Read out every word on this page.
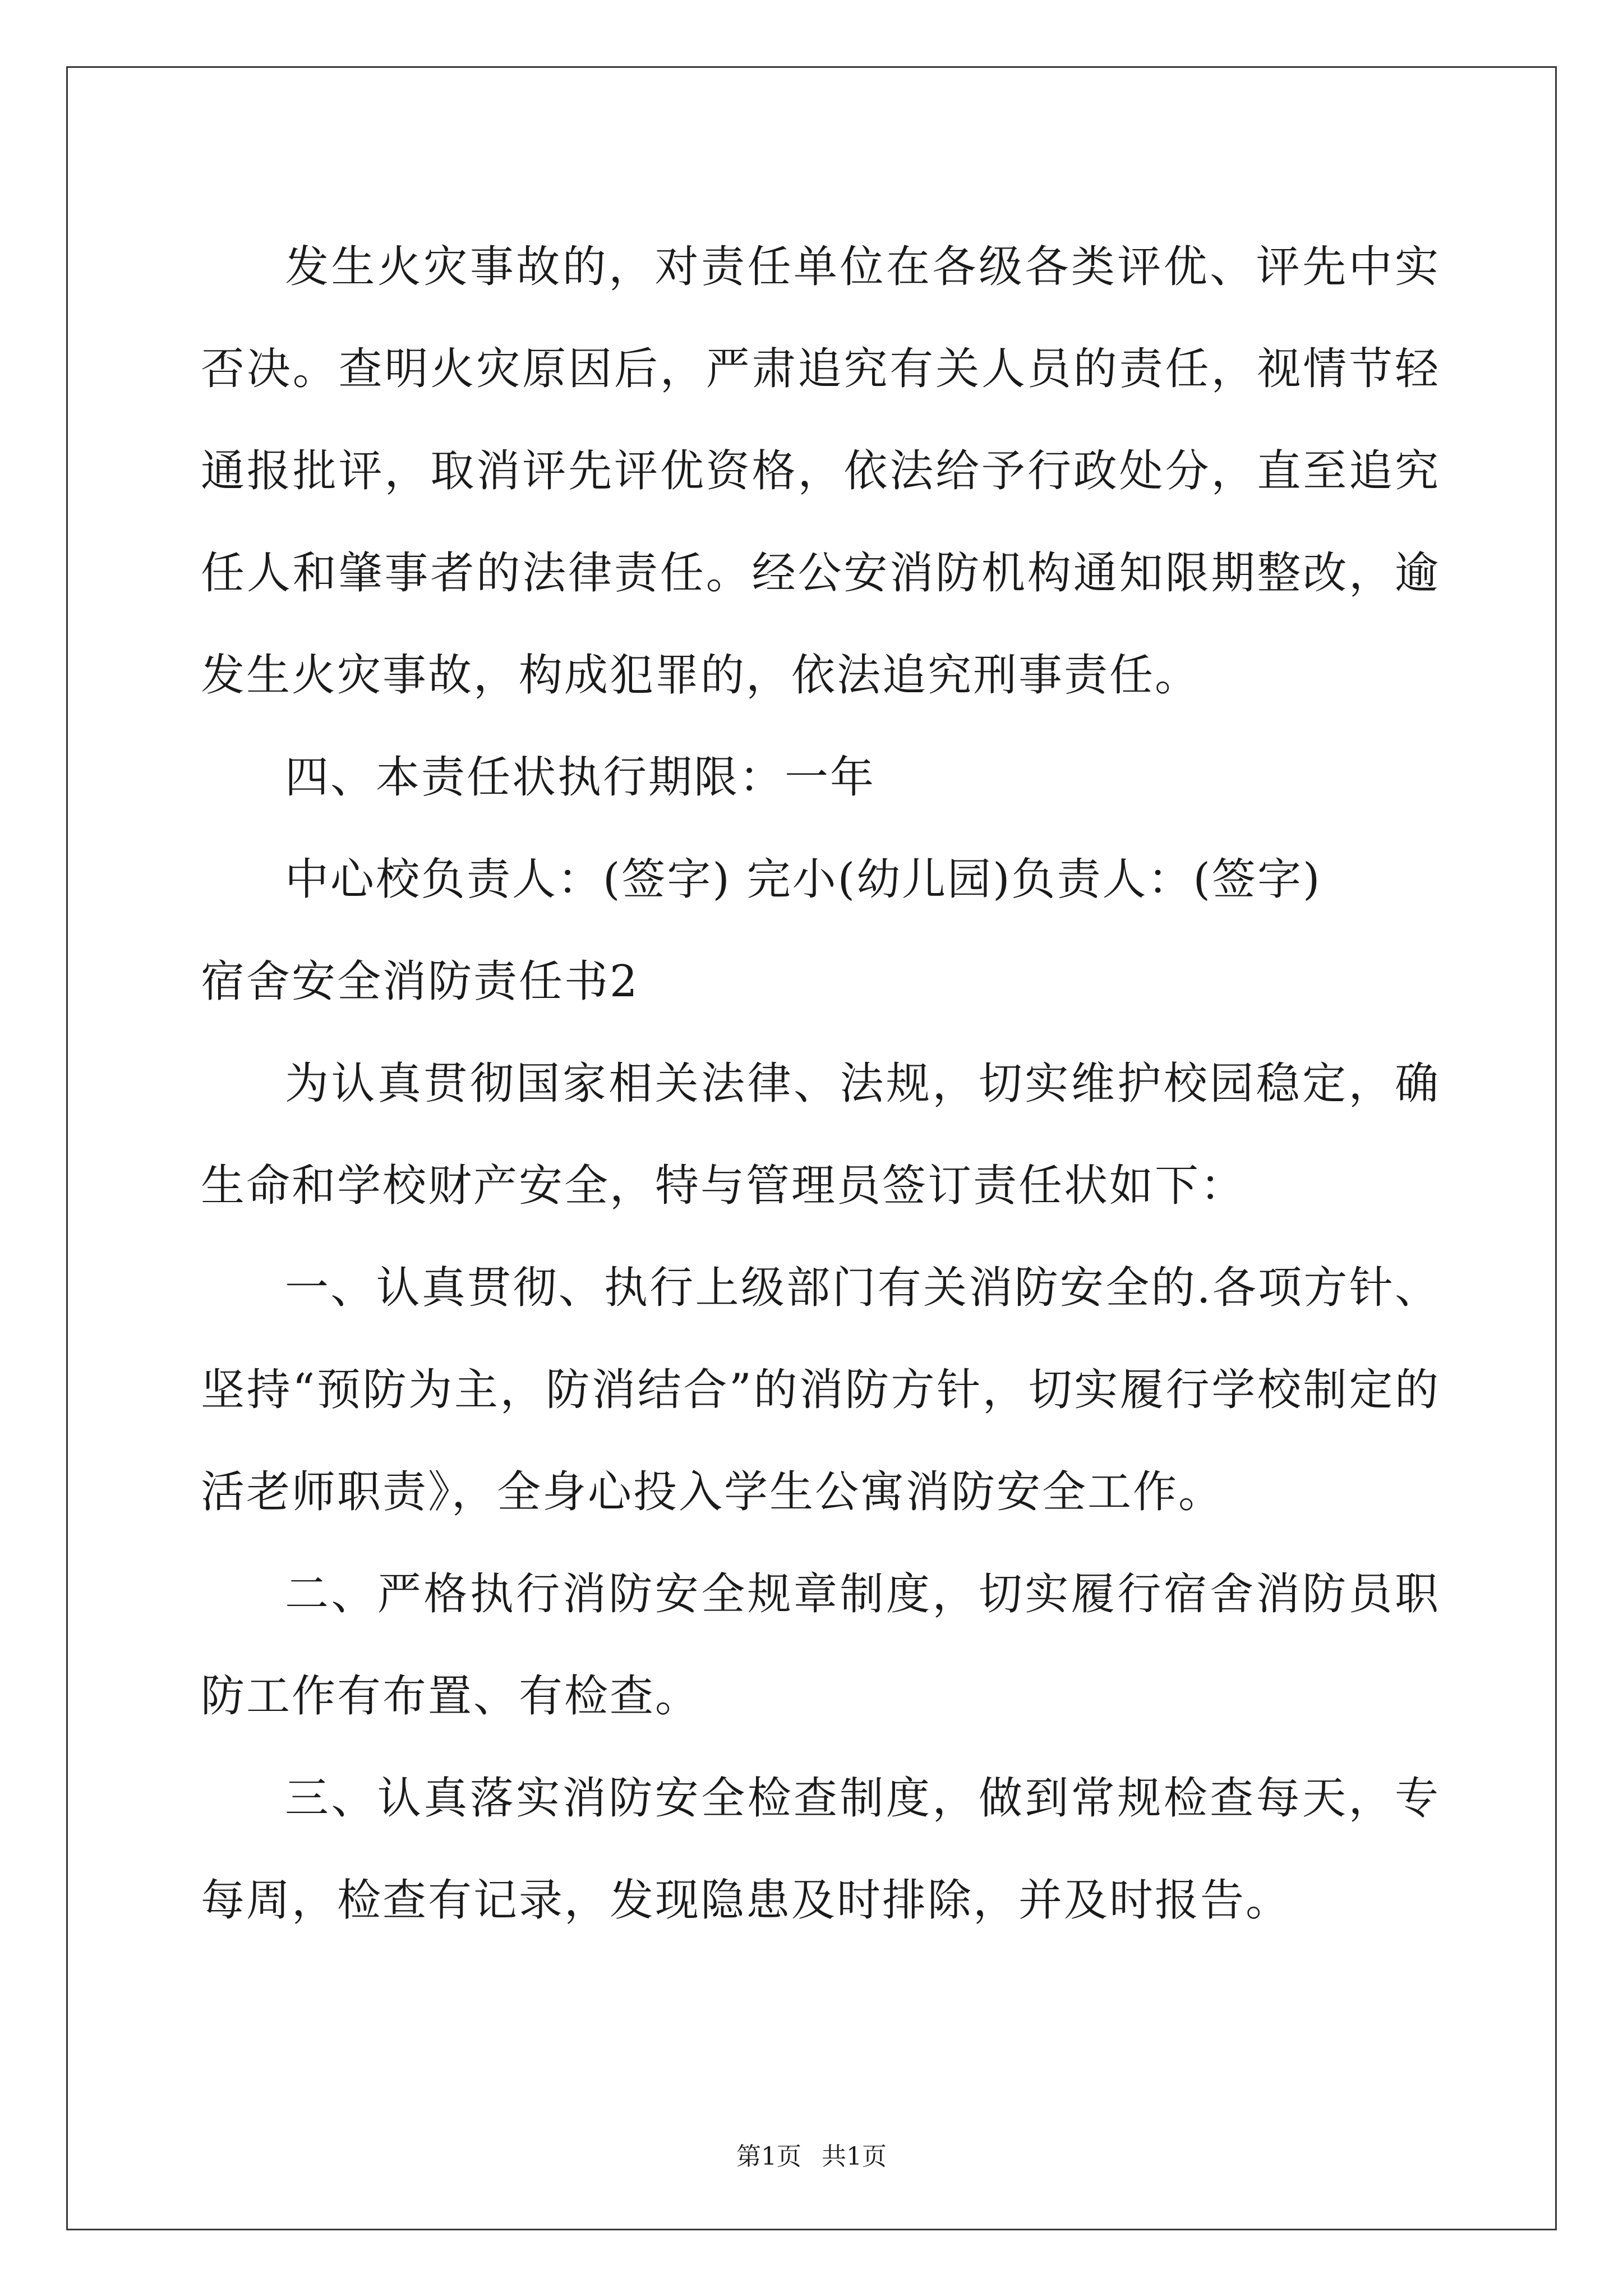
发生火灾事故的，对责任单位在各级各类评优、评先中实
否决。查明火灾原因后，严肃追究有关人员的责任，视情节轻
通报批评，取消评先评优资格，依法给予行政处分，直至追究
任人和肇事者的法律责任。经公安消防机构通知限期整改，逾
发生火灾事故，构成犯罪的，依法追究刑事责任。
四、本责任状执行期限：一年
中心校负责人：(签字) 完小(幼儿园)负责人：(签字)
宿舍安全消防责任书2
为认真贯彻国家相关法律、法规，切实维护校园稳定，确
生命和学校财产安全，特与管理员签订责任状如下：
一、认真贯彻、执行上级部门有关消防安全的.各项方针、
坚持“预防为主，防消结合”的消防方针，切实履行学校制定的
活老师职责》，全身心投入学生公寓消防安全工作。
二、严格执行消防安全规章制度，切实履行宿舍消防员职
防工作有布置、有检查。
三、认真落实消防安全检查制度，做到常规检查每天，专
每周，检查有记录，发现隐患及时排除，并及时报告。
第1页 共1页
